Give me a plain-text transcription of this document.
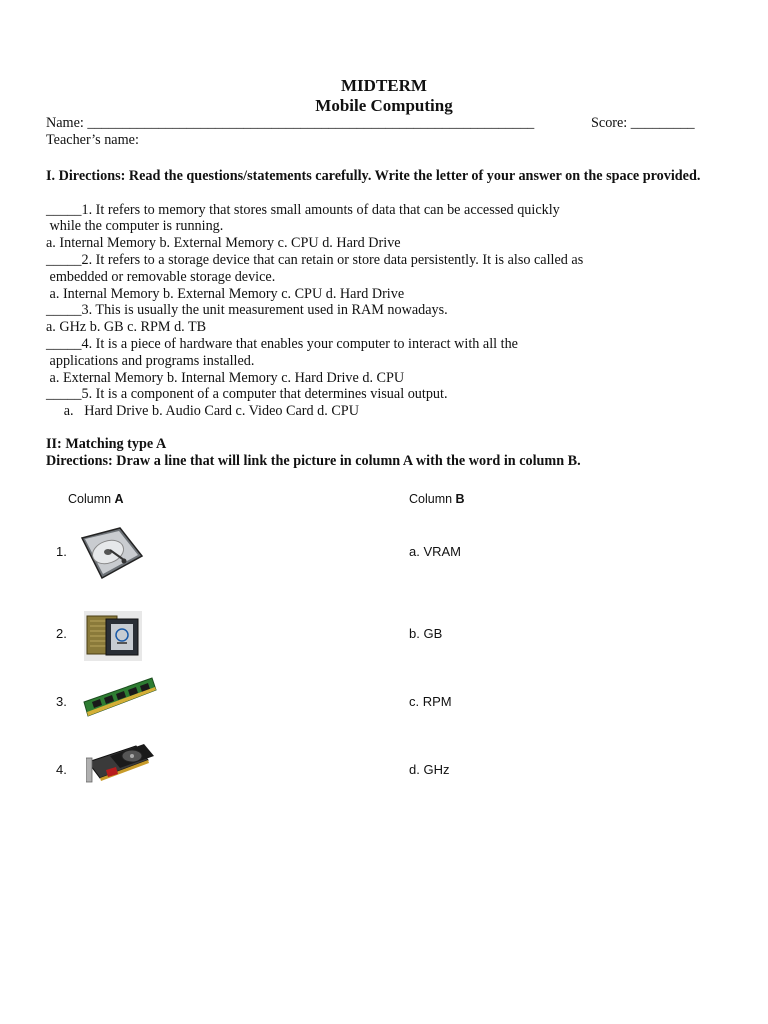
MIDTERM
Mobile Computing
Name: _______________________________________________________________	Score: _________
Teacher’s name:
I. Directions: Read the questions/statements carefully. Write the letter of your answer on the space provided.
_____1. It refers to memory that stores small amounts of data that can be accessed quickly
while the computer is running.
a. Internal Memory b. External Memory c. CPU d. Hard Drive
_____2. It refers to a storage device that can retain or store data persistently. It is also called as
embedded or removable storage device.
a. Internal Memory b. External Memory c. CPU d. Hard Drive
_____3. This is usually the unit measurement used in RAM nowadays.
a. GHz b. GB c. RPM d. TB
_____4. It is a piece of hardware that enables your computer to interact with all the
applications and programs installed.
a. External Memory b. Internal Memory c. Hard Drive d. CPU
_____5. It is a component of a computer that determines visual output.
a.   Hard Drive b. Audio Card c. Video Card d. CPU
II: Matching type A
Directions: Draw a line that will link the picture in column A with the word in column B.
Column A	Column B
1.
2.
3.
4.
a. VRAM
b. GB
c. RPM
d. GHz
